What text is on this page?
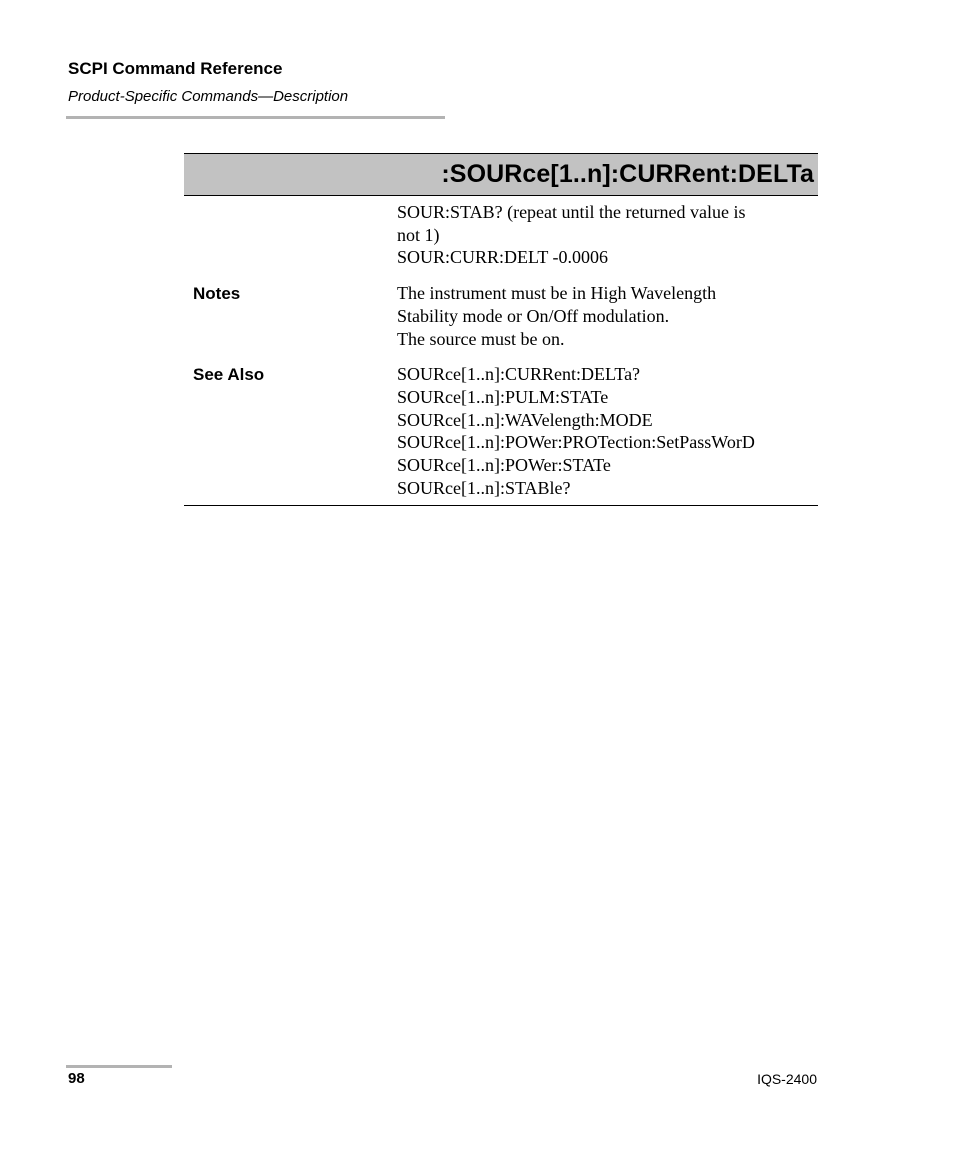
SCPI Command Reference
Product-Specific Commands—Description
:SOURce[1..n]:CURRent:DELTa
SOUR:STAB? (repeat until the returned value is
not 1)
SOUR:CURR:DELT -0.0006
Notes	The instrument must be in High Wavelength
Stability mode or On/Off modulation.
The source must be on.
See Also	SOURce[1..n]:CURRent:DELTa?
SOURce[1..n]:PULM:STATe
SOURce[1..n]:WAVelength:MODE
SOURce[1..n]:POWer:PROTection:SetPassWorD
SOURce[1..n]:POWer:STATe
SOURce[1..n]:STABle?
98	IQS-2400
